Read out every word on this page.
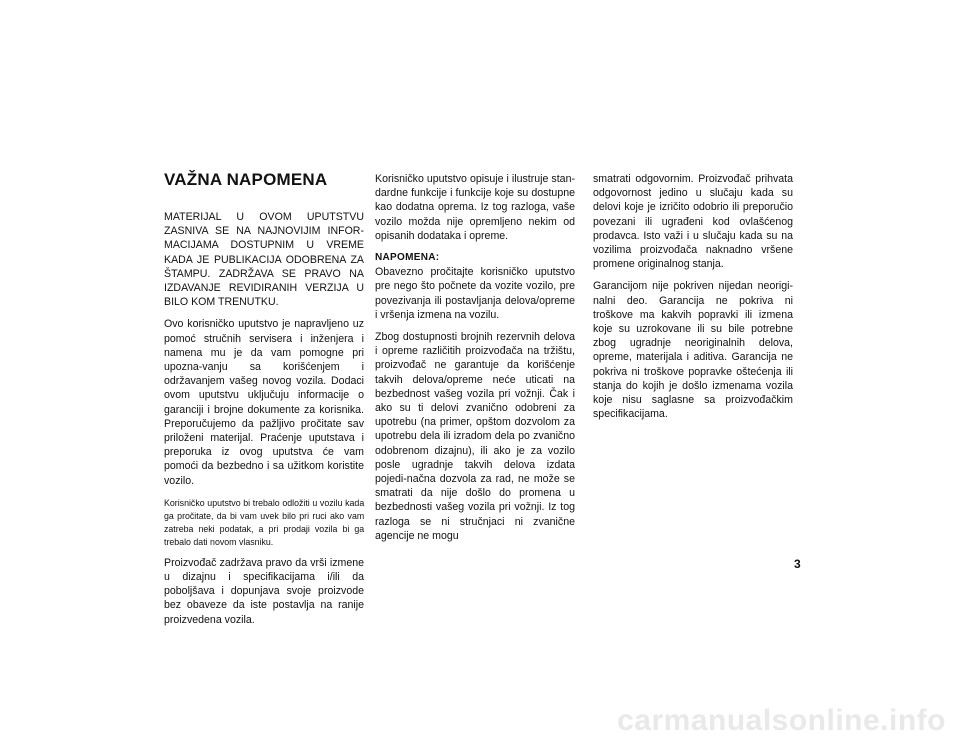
VAŽNA NAPOMENA

MATERIJAL U OVOM UPUTSTVU ZASNIVA SE NA NAJNOVIJIM INFOR-MACIJAMA DOSTUPNIM U VREME KADA JE PUBLIKACIJA ODOBRENA ZA ŠTAMPU. ZADRŽAVA SE PRAVO NA IZDAVANJE REVIDIRANIH VERZIJA U BILO KOM TRENUTKU.

Ovo korisničko uputstvo je napravljeno uz pomoć stručnih servisera i inženjera i namena mu je da vam pomogne pri upozna-vanju sa korišćenjem i održavanjem vašeg novog vozila. Dodaci ovom uputstvu uključuju informacije o garanciji i brojne dokumente za korisnika. Preporučujemo da pažljivo pročitate sav priloženi materijal. Praćenje uputstava i preporuka iz ovog uputstva će vam pomoći da bezbedno i sa užitkom koristite vozilo.

Korisničko uputstvo bi trebalo odložiti u vozilu kada ga pročitate, da bi vam uvek bilo pri ruci ako vam zatreba neki podatak, a pri prodaji vozila bi ga trebalo dati novom vlasniku.

Proizvođač zadržava pravo da vrši izmene u dizajnu i specifikacijama i/ili da poboljšava i dopunjava svoje proizvode bez obaveze da iste postavlja na ranije proizvedena vozila.

Korisničko uputstvo opisuje i ilustruje stan-dardne funkcije i funkcije koje su dostupne kao dodatna oprema. Iz tog razloga, vaše vozilo možda nije opremljeno nekim od opisanih dodataka i opreme.

NAPOMENA:

Obavezno pročitajte korisničko uputstvo pre nego što počnete da vozite vozilo, pre povezivanja ili postavljanja delova/opreme i vršenja izmena na vozilu.

Zbog dostupnosti brojnih rezervnih delova i opreme različitih proizvođača na tržištu, proizvođač ne garantuje da korišćenje takvih delova/opreme neće uticati na bezbednost vašeg vozila pri vožnji. Čak i ako su ti delovi zvanično odobreni za upotrebu (na primer, opštom dozvolom za upotrebu dela ili izradom dela po zvanično odobrenom dizajnu), ili ako je za vozilo posle ugradnje takvih delova izdata pojedi-načna dozvola za rad, ne može se smatrati da nije došlo do promena u bezbednosti vašeg vozila pri vožnji. Iz tog razloga se ni stručnjaci ni zvanične agencije ne mogu

smatrati odgovornim. Proizvođač prihvata odgovornost jedino u slučaju kada su delovi koje je izričito odobrio ili preporučio povezani ili ugrađeni kod ovlašćenog prodavca. Isto važi i u slučaju kada su na vozilima proizvođača naknadno vršene promene originalnog stanja.

Garancijom nije pokriven nijedan neorigi-nalni deo. Garancija ne pokriva ni troškove ma kakvih popravki ili izmena koje su uzrokovane ili su bile potrebne zbog ugradnje neoriginalnih delova, opreme, materijala i aditiva. Garancija ne pokriva ni troškove popravke oštećenja ili stanja do kojih je došlo izmenama vozila koje nisu saglasne sa proizvođačkim specifikacijama.

3
carmanualsonline.info
